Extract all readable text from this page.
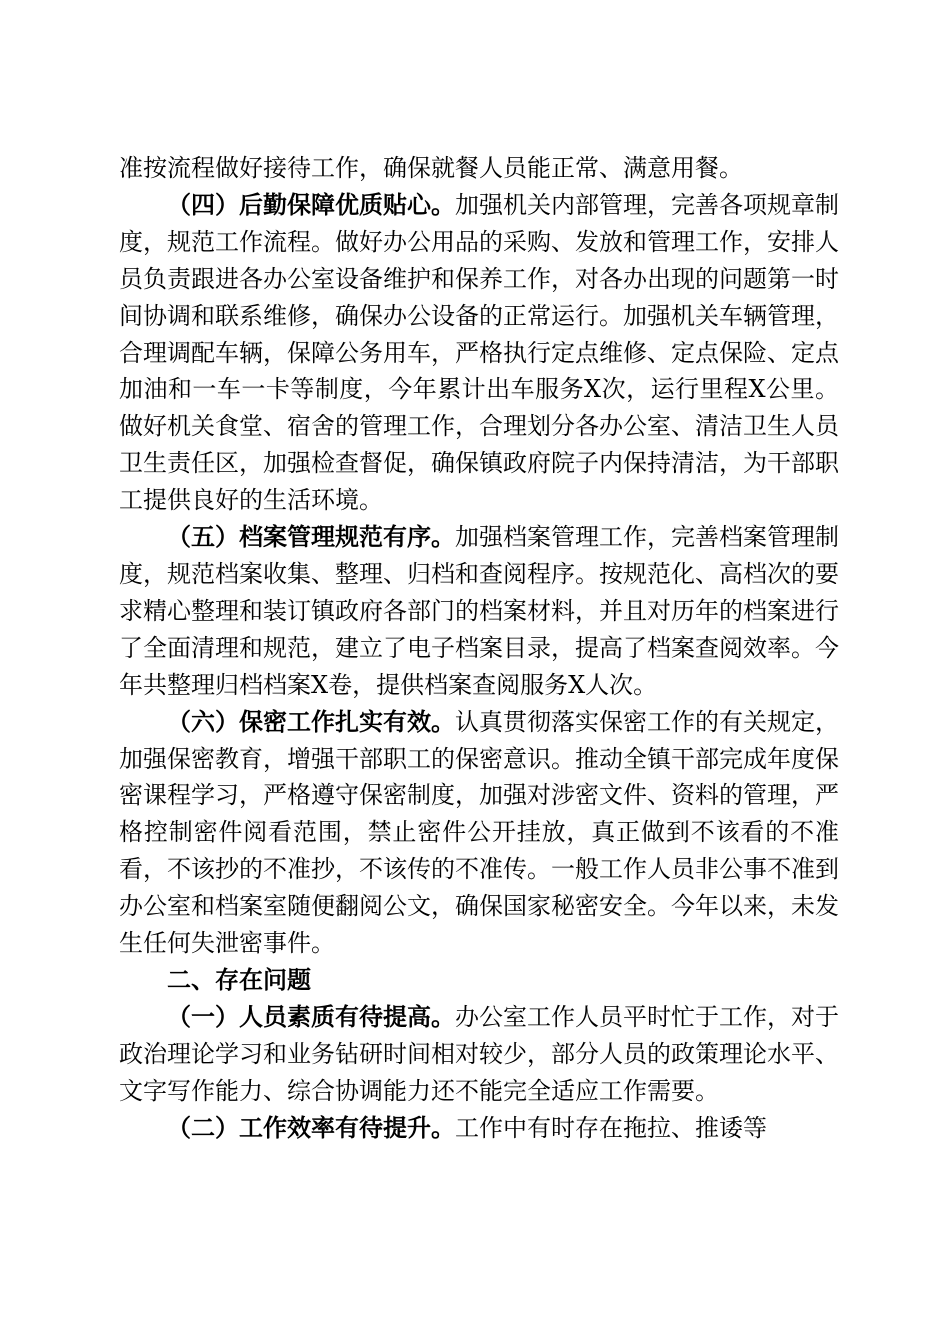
准按流程做好接待工作，确保就餐人员能正常、满意用餐。

（四）后勤保障优质贴心。加强机关内部管理，完善各项规章制度，规范工作流程。做好办公用品的采购、发放和管理工作，安排人员负责跟进各办公室设备维护和保养工作，对各办出现的问题第一时间协调和联系维修，确保办公设备的正常运行。加强机关车辆管理，合理调配车辆，保障公务用车，严格执行定点维修、定点保险、定点加油和一车一卡等制度，今年累计出车服务X次，运行里程X公里。做好机关食堂、宿舍的管理工作，合理划分各办公室、清洁卫生人员卫生责任区，加强检查督促，确保镇政府院子内保持清洁，为干部职工提供良好的生活环境。

（五）档案管理规范有序。加强档案管理工作，完善档案管理制度，规范档案收集、整理、归档和查阅程序。按规范化、高档次的要求精心整理和装订镇政府各部门的档案材料，并且对历年的档案进行了全面清理和规范，建立了电子档案目录，提高了档案查阅效率。今年共整理归档档案X卷，提供档案查阅服务X人次。

（六）保密工作扎实有效。认真贯彻落实保密工作的有关规定，加强保密教育，增强干部职工的保密意识。推动全镇干部完成年度保密课程学习，严格遵守保密制度，加强对涉密文件、资料的管理，严格控制密件阅看范围，禁止密件公开挂放，真正做到不该看的不准看，不该抄的不准抄，不该传的不准传。一般工作人员非公事不准到办公室和档案室随便翻阅公文，确保国家秘密安全。今年以来，未发生任何失泄密事件。

二、存在问题

（一）人员素质有待提高。办公室工作人员平时忙于工作，对于政治理论学习和业务钻研时间相对较少，部分人员的政策理论水平、文字写作能力、综合协调能力还不能完全适应工作需要。

（二）工作效率有待提升。工作中有时存在拖拉、推诿等
